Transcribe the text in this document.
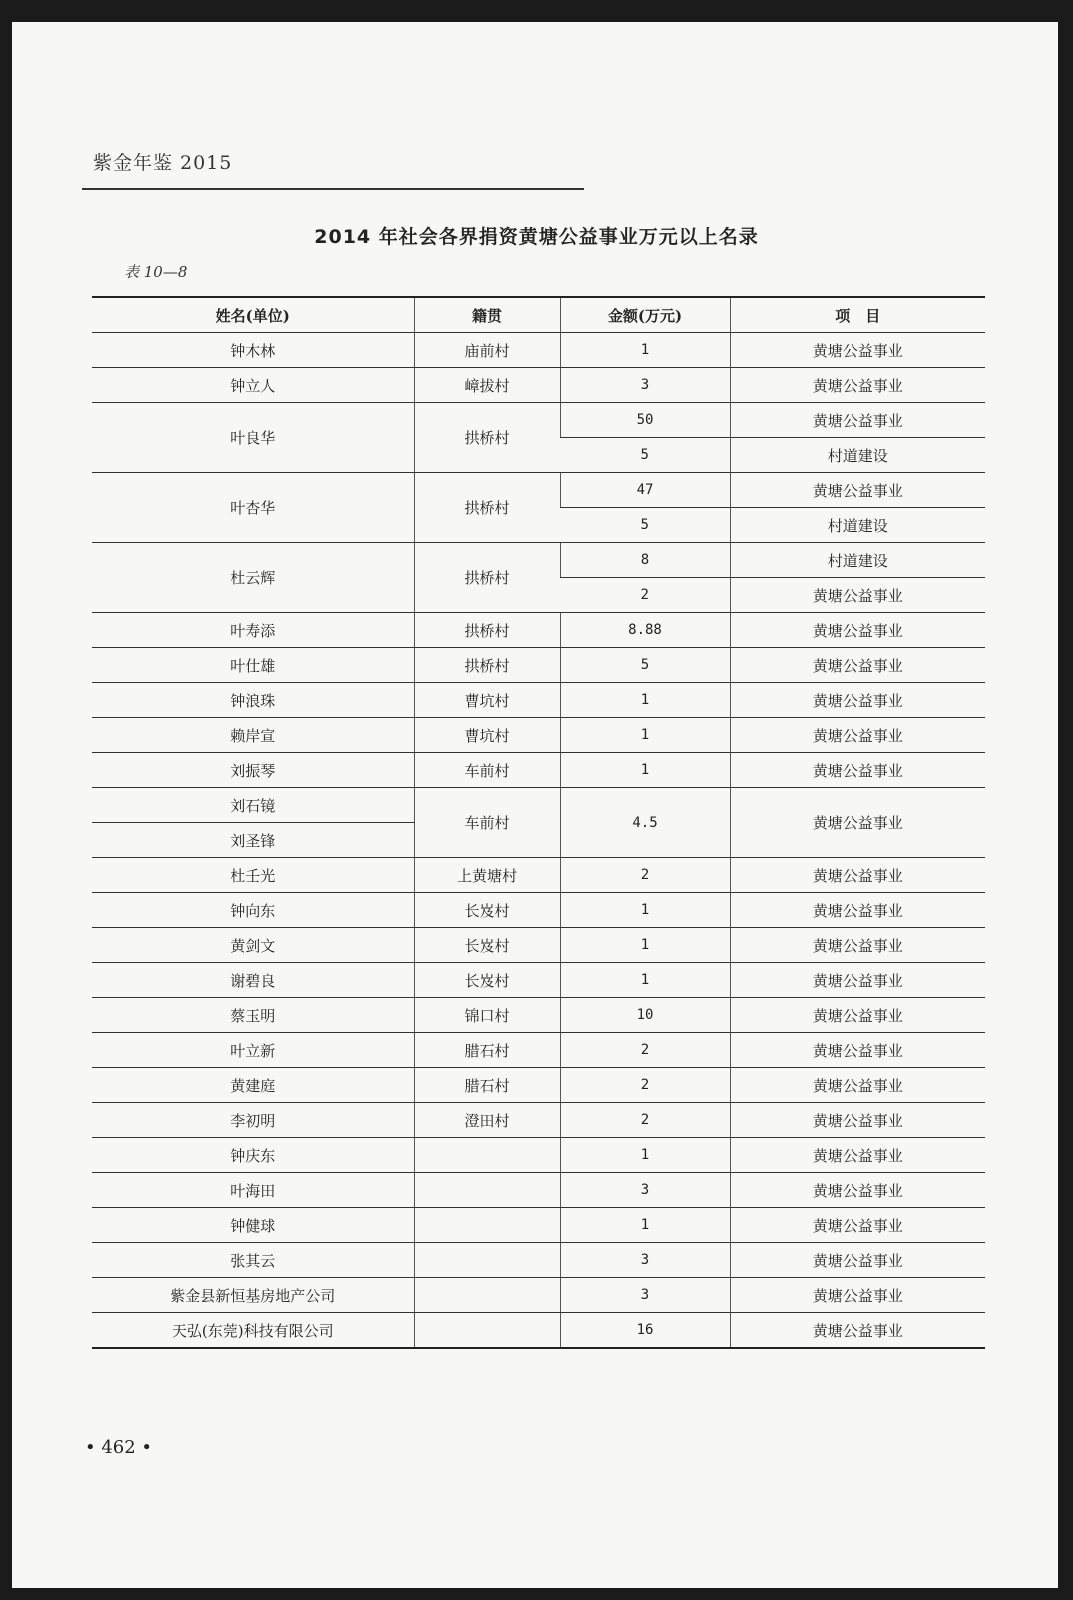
紫金年鉴 2015
2014 年社会各界捐资黄塘公益事业万元以上名录
表 10—8
姓名(单位)	籍贯	金额(万元)	项　目
钟木林	庙前村	1	黄塘公益事业
钟立人	嶂拔村	3	黄塘公益事业
叶良华	拱桥村	50	黄塘公益事业
		5	村道建设
叶杏华	拱桥村	47	黄塘公益事业
		5	村道建设
杜云辉	拱桥村	8	村道建设
		2	黄塘公益事业
叶寿添	拱桥村	8.88	黄塘公益事业
叶仕雄	拱桥村	5	黄塘公益事业
钟浪珠	曹坑村	1	黄塘公益事业
赖岸宣	曹坑村	1	黄塘公益事业
刘振琴	车前村	1	黄塘公益事业
刘石镜	车前村	4.5	黄塘公益事业
刘圣锋			
杜壬光	上黄塘村	2	黄塘公益事业
钟向东	长岌村	1	黄塘公益事业
黄剑文	长岌村	1	黄塘公益事业
谢碧良	长岌村	1	黄塘公益事业
蔡玉明	锦口村	10	黄塘公益事业
叶立新	腊石村	2	黄塘公益事业
黄建庭	腊石村	2	黄塘公益事业
李初明	澄田村	2	黄塘公益事业
钟庆东		1	黄塘公益事业
叶海田		3	黄塘公益事业
钟健球		1	黄塘公益事业
张其云		3	黄塘公益事业
紫金县新恒基房地产公司		3	黄塘公益事业
天弘(东莞)科技有限公司		16	黄塘公益事业
• 462 •
